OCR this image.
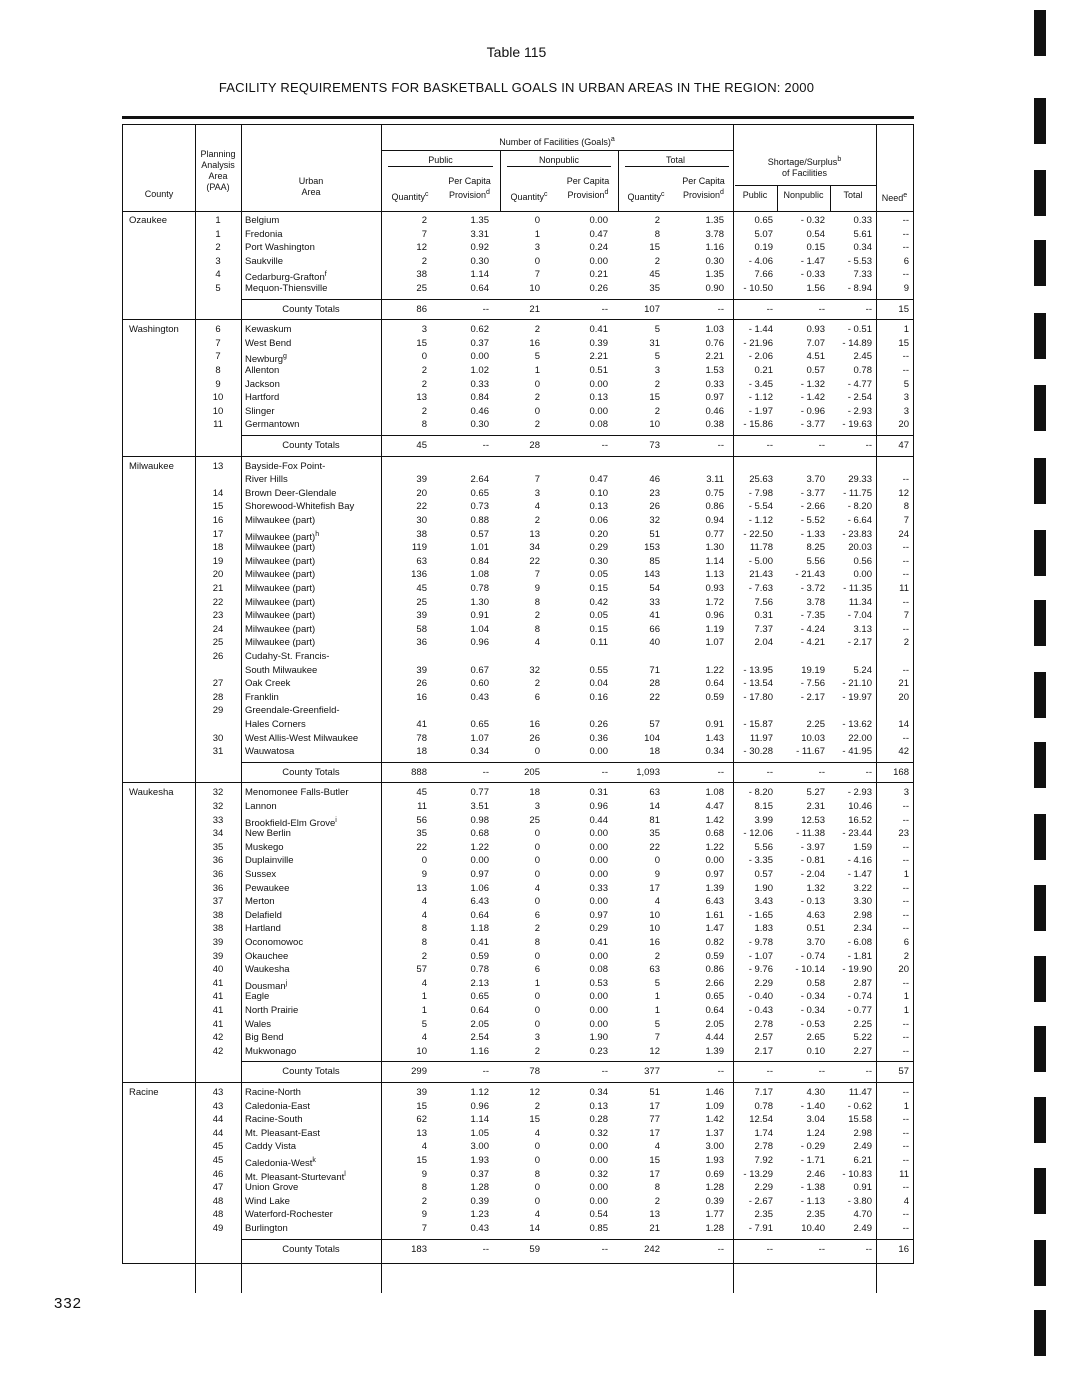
Table 115
FACILITY REQUIREMENTS FOR BASKETBALL GOALS IN URBAN AREAS IN THE REGION: 2000
332
Number of Facilities (Goals)$^a$
Planning
Analysis
Area
(PAA)
County
Urban
Area
Public	Nonpublic	Total
Quantity$^c$
Per Capita
Provision$^d$	Quantity$^c$
Per Capita
Provision$^d$	Quantity$^c$
Per Capita
Provision$^d$
Shortage/Surplus$^b$
of Facilities
Public	Nonpublic	Total	Need$^e$
Ozaukee	1	Belgium	2	1.35	0	0.00	2	1.35	0.65	- 0.32	0.33	--
1	Fredonia	7	3.31	1	0.47	8	3.78	5.07	0.54	5.61	--
2	Port Washington	12	0.92	3	0.24	15	1.16	0.19	0.15	0.34	--
3	Saukville	2	0.30	0	0.00	2	0.30	- 4.06	- 1.47	- 5.53	6
4	Cedarburg-Grafton$^f$	38	1.14	7	0.21	45	1.35	7.66	- 0.33	7.33	--
5	Mequon-Thiensville	25	0.64	10	0.26	35	0.90	- 10.50	1.56	- 8.94	9
County Totals	86	--	21	--	107	--	--	--	--	15
Washington	6	Kewaskum	3	0.62	2	0.41	5	1.03	- 1.44	0.93	- 0.51	1
7	West Bend	15	0.37	16	0.39	31	0.76	- 21.96	7.07	- 14.89	15
7	Newburg$^g$	0	0.00	5	2.21	5	2.21	- 2.06	4.51	2.45	--
8	Allenton	2	1.02	1	0.51	3	1.53	0.21	0.57	0.78	--
9	Jackson	2	0.33	0	0.00	2	0.33	- 3.45	- 1.32	- 4.77	5
10	Hartford	13	0.84	2	0.13	15	0.97	- 1.12	- 1.42	- 2.54	3
10	Slinger	2	0.46	0	0.00	2	0.46	- 1.97	- 0.96	- 2.93	3
11	Germantown	8	0.30	2	0.08	10	0.38	- 15.86	- 3.77	- 19.63	20
County Totals	45	--	28	--	73	--	--	--	--	47
Milwaukee	13	Bayside-Fox Point-
River Hills	39	2.64	7	0.47	46	3.11	25.63	3.70	29.33	--
14	Brown Deer-Glendale	20	0.65	3	0.10	23	0.75	- 7.98	- 3.77	- 11.75	12
15	Shorewood-Whitefish Bay	22	0.73	4	0.13	26	0.86	- 5.54	- 2.66	- 8.20	8
16	Milwaukee (part)	30	0.88	2	0.06	32	0.94	- 1.12	- 5.52	- 6.64	7
17	Milwaukee (part)$^h$	38	0.57	13	0.20	51	0.77	- 22.50	- 1.33	- 23.83	24
18	Milwaukee (part)	119	1.01	34	0.29	153	1.30	11.78	8.25	20.03	--
19	Milwaukee (part)	63	0.84	22	0.30	85	1.14	- 5.00	5.56	0.56	--
20	Milwaukee (part)	136	1.08	7	0.05	143	1.13	21.43	- 21.43	0.00	--
21	Milwaukee (part)	45	0.78	9	0.15	54	0.93	- 7.63	- 3.72	- 11.35	11
22	Milwaukee (part)	25	1.30	8	0.42	33	1.72	7.56	3.78	11.34	--
23	Milwaukee (part)	39	0.91	2	0.05	41	0.96	0.31	- 7.35	- 7.04	7
24	Milwaukee (part)	58	1.04	8	0.15	66	1.19	7.37	- 4.24	3.13	--
25	Milwaukee (part)	36	0.96	4	0.11	40	1.07	2.04	- 4.21	- 2.17	2
26	Cudahy-St. Francis-
South Milwaukee	39	0.67	32	0.55	71	1.22	- 13.95	19.19	5.24	--
27	Oak Creek	26	0.60	2	0.04	28	0.64	- 13.54	- 7.56	- 21.10	21
28	Franklin	16	0.43	6	0.16	22	0.59	- 17.80	- 2.17	- 19.97	20
29	Greendale-Greenfield-
Hales Corners	41	0.65	16	0.26	57	0.91	- 15.87	2.25	- 13.62	14
30	West Allis-West Milwaukee	78	1.07	26	0.36	104	1.43	11.97	10.03	22.00	--
31	Wauwatosa	18	0.34	0	0.00	18	0.34	- 30.28	- 11.67	- 41.95	42
County Totals	888	--	205	--	1,093	--	--	--	--	168
Waukesha	32	Menomonee Falls-Butler	45	0.77	18	0.31	63	1.08	- 8.20	5.27	- 2.93	3
32	Lannon	11	3.51	3	0.96	14	4.47	8.15	2.31	10.46	--
33	Brookfield-Elm Grove$^i$	56	0.98	25	0.44	81	1.42	3.99	12.53	16.52	--
34	New Berlin	35	0.68	0	0.00	35	0.68	- 12.06	- 11.38	- 23.44	23
35	Muskego	22	1.22	0	0.00	22	1.22	5.56	- 3.97	1.59	--
36	Duplainville	0	0.00	0	0.00	0	0.00	- 3.35	- 0.81	- 4.16	--
36	Sussex	9	0.97	0	0.00	9	0.97	0.57	- 2.04	- 1.47	1
36	Pewaukee	13	1.06	4	0.33	17	1.39	1.90	1.32	3.22	--
37	Merton	4	6.43	0	0.00	4	6.43	3.43	- 0.13	3.30	--
38	Delafield	4	0.64	6	0.97	10	1.61	- 1.65	4.63	2.98	--
38	Hartland	8	1.18	2	0.29	10	1.47	1.83	0.51	2.34	--
39	Oconomowoc	8	0.41	8	0.41	16	0.82	- 9.78	3.70	- 6.08	6
39	Okauchee	2	0.59	0	0.00	2	0.59	- 1.07	- 0.74	- 1.81	2
40	Waukesha	57	0.78	6	0.08	63	0.86	- 9.76	- 10.14	- 19.90	20
41	Dousman$^j$	4	2.13	1	0.53	5	2.66	2.29	0.58	2.87	--
41	Eagle	1	0.65	0	0.00	1	0.65	- 0.40	- 0.34	- 0.74	1
41	North Prairie	1	0.64	0	0.00	1	0.64	- 0.43	- 0.34	- 0.77	1
41	Wales	5	2.05	0	0.00	5	2.05	2.78	- 0.53	2.25	--
42	Big Bend	4	2.54	3	1.90	7	4.44	2.57	2.65	5.22	--
42	Mukwonago	10	1.16	2	0.23	12	1.39	2.17	0.10	2.27	--
County Totals	299	--	78	--	377	--	--	--	--	57
Racine	43	Racine-North	39	1.12	12	0.34	51	1.46	7.17	4.30	11.47	--
43	Caledonia-East	15	0.96	2	0.13	17	1.09	0.78	- 1.40	- 0.62	1
44	Racine-South	62	1.14	15	0.28	77	1.42	12.54	3.04	15.58	--
44	Mt. Pleasant-East	13	1.05	4	0.32	17	1.37	1.74	1.24	2.98	--
45	Caddy Vista	4	3.00	0	0.00	4	3.00	2.78	- 0.29	2.49	--
45	Caledonia-West$^k$	15	1.93	0	0.00	15	1.93	7.92	- 1.71	6.21	--
46	Mt. Pleasant-Sturtevant$^l$	9	0.37	8	0.32	17	0.69	- 13.29	2.46	- 10.83	11
47	Union Grove	8	1.28	0	0.00	8	1.28	2.29	- 1.38	0.91	--
48	Wind Lake	2	0.39	0	0.00	2	0.39	- 2.67	- 1.13	- 3.80	4
48	Waterford-Rochester	9	1.23	4	0.54	13	1.77	2.35	2.35	4.70	--
49	Burlington	7	0.43	14	0.85	21	1.28	- 7.91	10.40	2.49	--
County Totals	183	--	59	--	242	--	--	--	--	16
